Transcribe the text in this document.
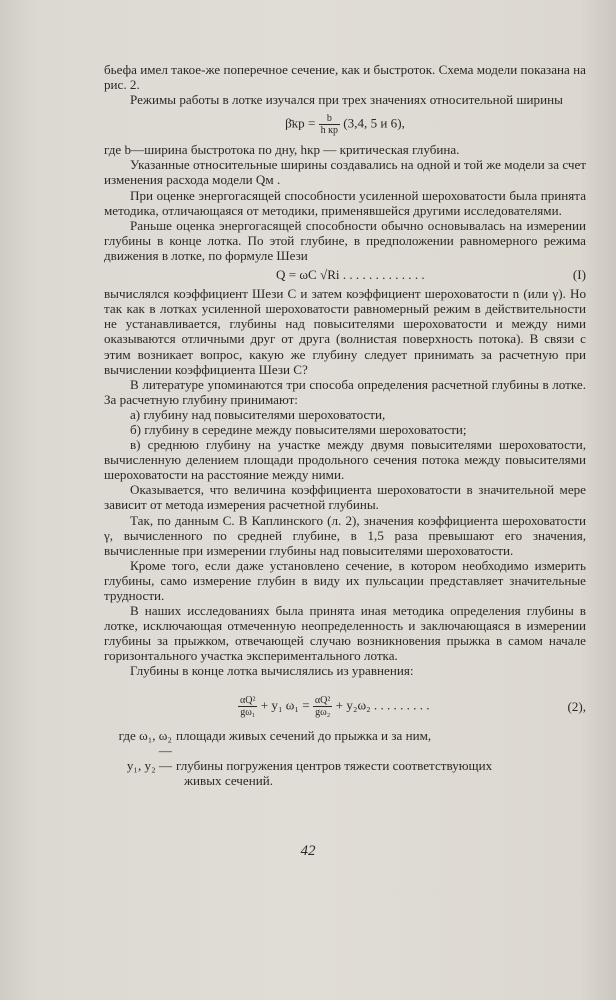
бьефа имел такое-же поперечное сечение, как и быстроток. Схема модели показана на рис. 2.

Режимы работы в лотке изучался при трех значениях относительной ширины

β̄кр = $\frac{b}{\text{h кр}} (3,4$, 5 и 6),

где b—ширина быстротока по дну, hкр — критическая глубина.

Указанные относительные ширины создавались на одной и той же модели за счет изменения расхода модели Qм .

При оценке энергогасящей способности усиленной шероховатости была принята методика, отличающаяся от методики, применявшейся другими исследователями.

Раньше оценка энергогасящей способности обычно основывалась на измерении глубины в конце лотка. По этой глубине, в предположении равномерного режима движения в лотке, по формуле Шези

Q = ωC √Ri . . . . . . . . . . . . .	(I)

вычислялся коэффициент Шези С и затем коэффициент шероховатости n (или γ). Но так как в лотках усиленной шероховатости равномерный режим в действительности не устанавливается, глубины над повысителями шероховатости и между ними оказываются отличными друг от друга (волнистая поверхность потока). В связи с этим возникает вопрос, какую же глубину следует принимать за расчетную при вычислении коэффициента Шези С?

В литературе упоминаются три способа определения расчетной глубины в лотке. За расчетную глубину принимают:

а) глубину над повысителями шероховатости,

б) глубину в середине между повысителями шероховатости;

в) среднюю глубину на участке между двумя повысителями шероховатости, вычисленную делением площади продольного сечения потока между повысителями шероховатости на расстояние между ними.

Оказывается, что величина коэффициента шероховатости в значительной мере зависит от метода измерения расчетной глубины.

Так, по данным С. В Каплинского (л. 2), значения коэффициента шероховатости γ, вычисленного по средней глубине, в 1,5 раза превышают его значения, вычисленные при измерении глубины над повысителями шероховатости.

Кроме того, если даже установлено сечение, в котором необходимо измерить глубины, само измерение глубин в виду их пульсации представляет значительные трудности.

В наших исследованиях была принята иная методика определения глубины в лотке, исключающая отмеченную неопределенность и заключающаяся в измерении глубины за прыжком, отвечающей случаю возникновения прыжка в самом начале горизонтального участка экспериментального лотка.

Глубины в конце лотка вычислялись из уравнения:

$\frac{\text{αQ²}}{\text{gω₁}} + y_1$ $\omega_1 = \frac{\text{αQ²}}{\text{gω₂}} + y_2\omega_2$ . . . . . . . . .	(2),
где ω₁, ω₂ —
площади живых сечений до прыжка и за ним,
y₁, y₂ — глубины погружения центров тяжести соответствующих
живых сечений.
42
